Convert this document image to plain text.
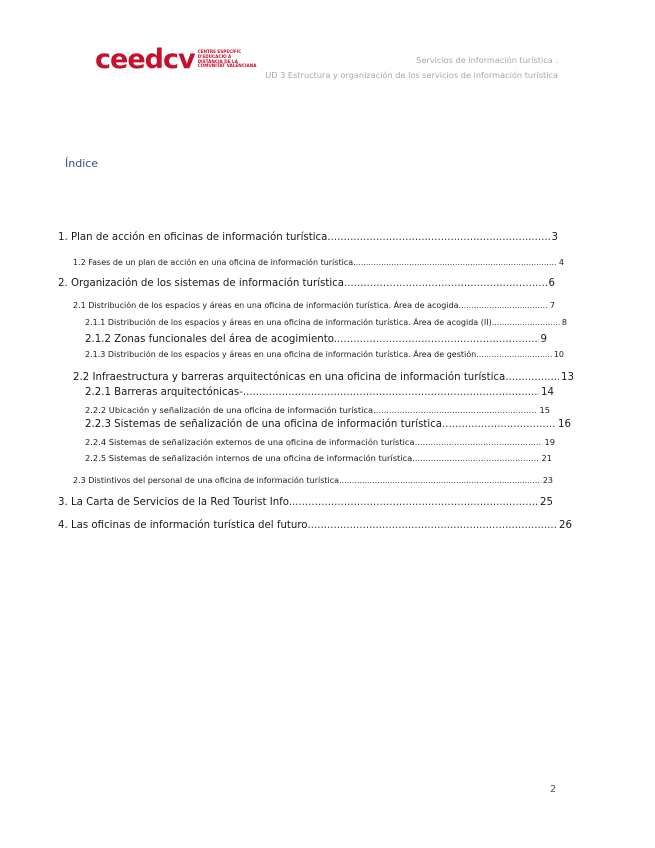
ceedcv CENTRE ESPECÍFIC D'EDUCACIÓ A DISTÀNCIA DE LA COMUNITAT VALENCIANA
Servicios de información turística .
UD 3 Estructura y organización de los servicios de información turística
Índice
1. Plan de acción en oficinas de información turística. .....	3
1.2 Fases de un plan de acción en una oficina de información turística. .....	4
2. Organización de los sistemas de información turística .....	6
2.1 Distribución de los espacios y áreas en una oficina de información turística. Área de acogida. .....	7
2.1.1 Distribución de los espacios y áreas en una oficina de información turística. Área de acogida (II) .....	8
2.1.2 Zonas funcionales del área de acogimiento. .....	9
2.1.3 Distribución de los espacios y áreas en una oficina de información turística. Área de gestión. .....	10
2.2 Infraestructura y barreras arquitectónicas en una oficina de información turística. .....	13
2.2.1 Barreras arquitectónicas- .....	14
2.2.2 Ubicación y señalización de una oficina de información turística. .....	15
2.2.3 Sistemas de señalización de una oficina de información turística .....	16
2.2.4 Sistemas de señalización externos de una oficina de información turística. .....	19
2.2.5 Sistemas de señalización internos de una oficina de información turística .....	21
2.3 Distintivos del personal de una oficina de información turística. .....	23
3. La Carta de Servicios de la Red Tourist Info. .....	25
4. Las oficinas de información turística del futuro .....	26
2
